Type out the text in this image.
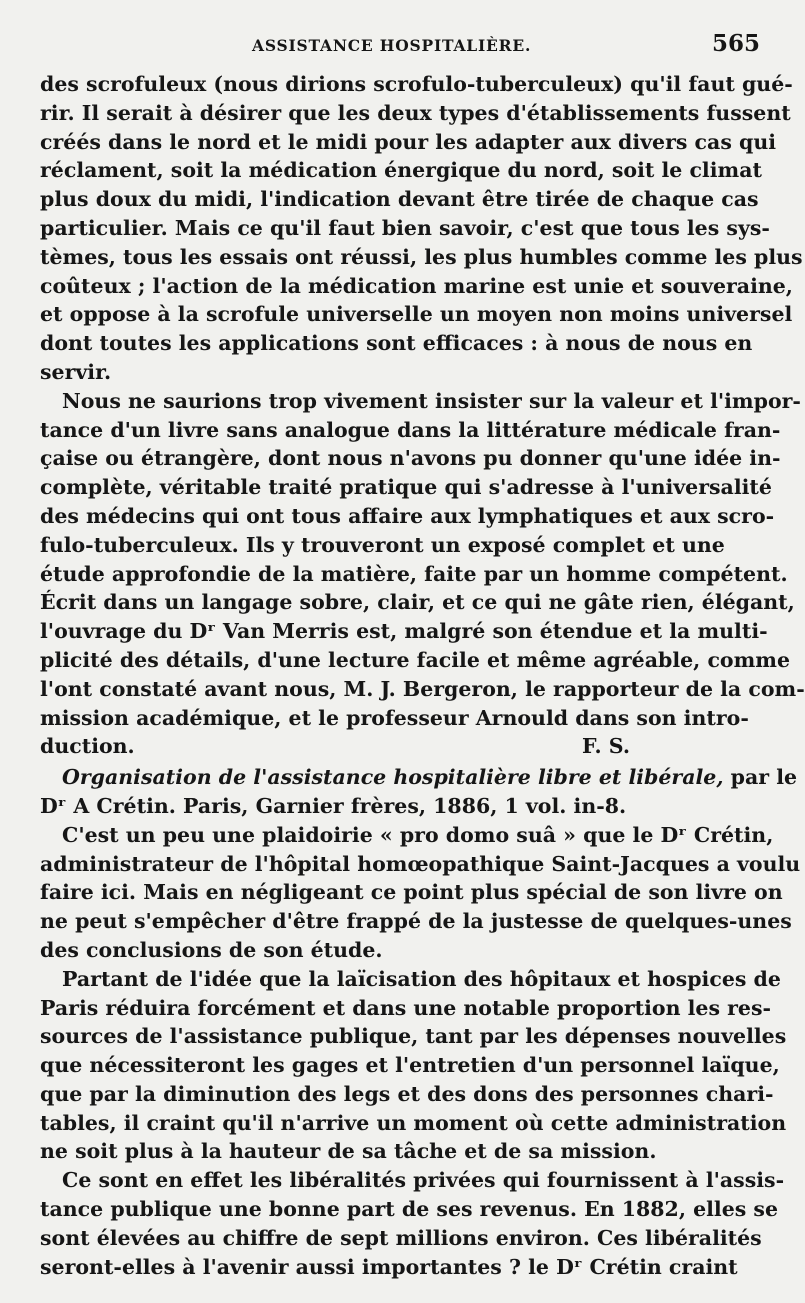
ASSISTANCE HOSPITALIÈRE.	565
des scrofuleux (nous dirions scrofulo-tuberculeux) qu'il faut gué-
rir. Il serait à désirer que les deux types d'établissements fussent
créés dans le nord et le midi pour les adapter aux divers cas qui
réclament, soit la médication énergique du nord, soit le climat
plus doux du midi, l'indication devant être tirée de chaque cas
particulier. Mais ce qu'il faut bien savoir, c'est que tous les sys-
tèmes, tous les essais ont réussi, les plus humbles comme les plus
coûteux ; l'action de la médication marine est unie et souveraine,
et oppose à la scrofule universelle un moyen non moins universel
dont toutes les applications sont efficaces : à nous de nous en
servir.
Nous ne saurions trop vivement insister sur la valeur et l'impor-
tance d'un livre sans analogue dans la littérature médicale fran-
çaise ou étrangère, dont nous n'avons pu donner qu'une idée in-
complète, véritable traité pratique qui s'adresse à l'universalité
des médecins qui ont tous affaire aux lymphatiques et aux scro-
fulo-tuberculeux. Ils y trouveront un exposé complet et une
étude approfondie de la matière, faite par un homme compétent.
Écrit dans un langage sobre, clair, et ce qui ne gâte rien, élégant,
l'ouvrage du Dʳ Van Merris est, malgré son étendue et la multi-
plicité des détails, d'une lecture facile et même agréable, comme
l'ont constaté avant nous, M. J. Bergeron, le rapporteur de la com-
mission académique, et le professeur Arnould dans son intro-
duction.	F. S.
Organisation de l'assistance hospitalière libre et libérale, par le
Dʳ A Crétin. Paris, Garnier frères, 1886, 1 vol. in-8.
C'est un peu une plaidoirie « pro domo suâ » que le Dʳ Crétin,
administrateur de l'hôpital homœopathique Saint-Jacques a voulu
faire ici. Mais en négligeant ce point plus spécial de son livre on
ne peut s'empêcher d'être frappé de la justesse de quelques-unes
des conclusions de son étude.
Partant de l'idée que la laïcisation des hôpitaux et hospices de
Paris réduira forcément et dans une notable proportion les res-
sources de l'assistance publique, tant par les dépenses nouvelles
que nécessiteront les gages et l'entretien d'un personnel laïque,
que par la diminution des legs et des dons des personnes chari-
tables, il craint qu'il n'arrive un moment où cette administration
ne soit plus à la hauteur de sa tâche et de sa mission.
Ce sont en effet les libéralités privées qui fournissent à l'assis-
tance publique une bonne part de ses revenus. En 1882, elles se
sont élevées au chiffre de sept millions environ. Ces libéralités
seront-elles à l'avenir aussi importantes ? le Dʳ Crétin craint
